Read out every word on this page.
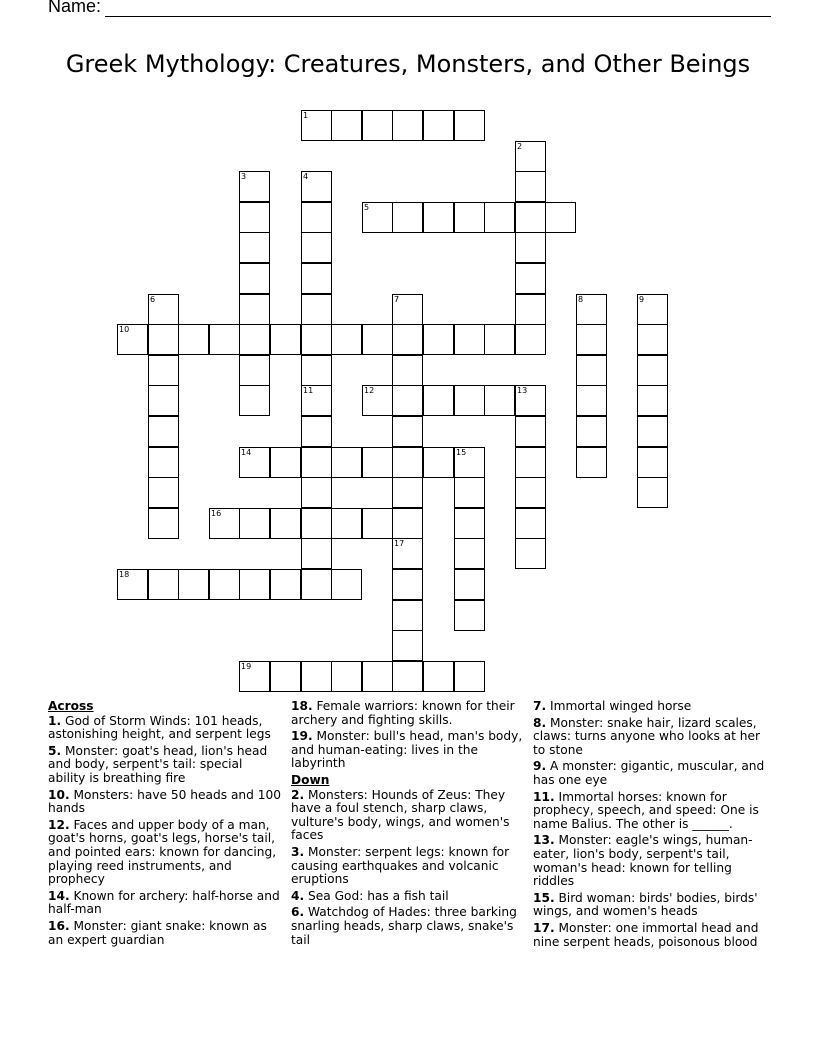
Name:
Greek Mythology: Creatures, Monsters, and Other Beings
1
2
3	4
5
6	7
17
8	9
10
11	12	13
14	15
16
18
19
Across
1. God of Storm Winds: 101 heads, astonishing height, and serpent legs
5. Monster: goat's head, lion's head and body, serpent's tail: special ability is breathing fire
10. Monsters: have 50 heads and 100 hands
12. Faces and upper body of a man, goat's horns, goat's legs, horse's tail, and pointed ears: known for dancing, playing reed instruments, and prophecy
14. Known for archery: half-horse and half-man
16. Monster: giant snake: known as an expert guardian
18. Female warriors: known for their archery and fighting skills.
19. Monster: bull's head, man's body, and human-eating: lives in the labyrinth
Down
2. Monsters: Hounds of Zeus: They have a foul stench, sharp claws, vulture's body, wings, and women's faces
3. Monster: serpent legs: known for causing earthquakes and volcanic eruptions
4. Sea God: has a fish tail
6. Watchdog of Hades: three barking snarling heads, sharp claws, snake's tail
7. Immortal winged horse
8. Monster: snake hair, lizard scales, claws: turns anyone who looks at her to stone
9. A monster: gigantic, muscular, and has one eye
11. Immortal horses: known for prophecy, speech, and speed: One is name Balius. The other is ______.
13. Monster: eagle's wings, human-eater, lion's body, serpent's tail, woman's head: known for telling riddles
15. Bird woman: birds' bodies, birds' wings, and women's heads
17. Monster: one immortal head and nine serpent heads, poisonous blood
